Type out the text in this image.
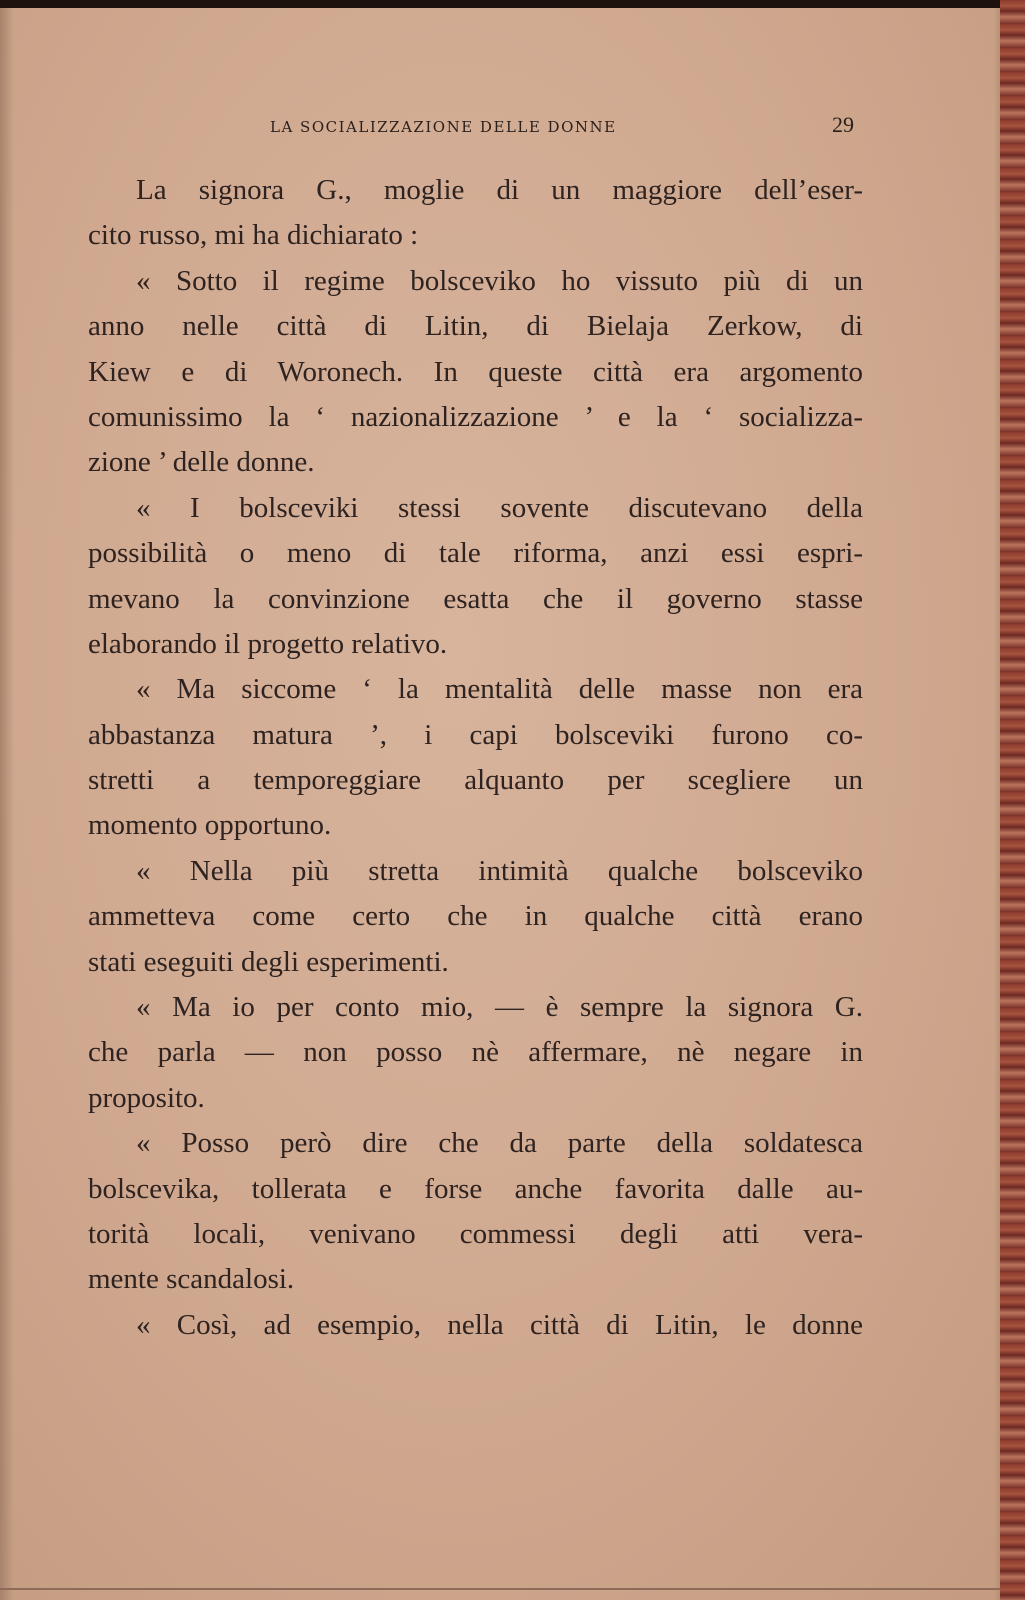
LA SOCIALIZZAZIONE DELLE DONNE	29
La signora G., moglie di un maggiore dell’eser-
cito russo, mi ha dichiarato :
« Sotto il regime bolsceviko ho vissuto più di un
anno nelle città di Litin, di Bielaja Zerkow, di
Kiew e di Woronech. In queste città era argomento
comunissimo la ‘ nazionalizzazione ’ e la ‘ socializza-
zione ’ delle donne.
« I bolsceviki stessi sovente discutevano della
possibilità o meno di tale riforma, anzi essi espri-
mevano la convinzione esatta che il governo stasse
elaborando il progetto relativo.
« Ma siccome ‘ la mentalità delle masse non era
abbastanza matura ’, i capi bolsceviki furono co-
stretti a temporeggiare alquanto per scegliere un
momento opportuno.
« Nella più stretta intimità qualche bolsceviko
ammetteva come certo che in qualche città erano
stati eseguiti degli esperimenti.
« Ma io per conto mio, — è sempre la signora G.
che parla — non posso nè affermare, nè negare in
proposito.
« Posso però dire che da parte della soldatesca
bolscevika, tollerata e forse anche favorita dalle au-
torità locali, venivano commessi degli atti vera-
mente scandalosi.
« Così, ad esempio, nella città di Litin, le donne
